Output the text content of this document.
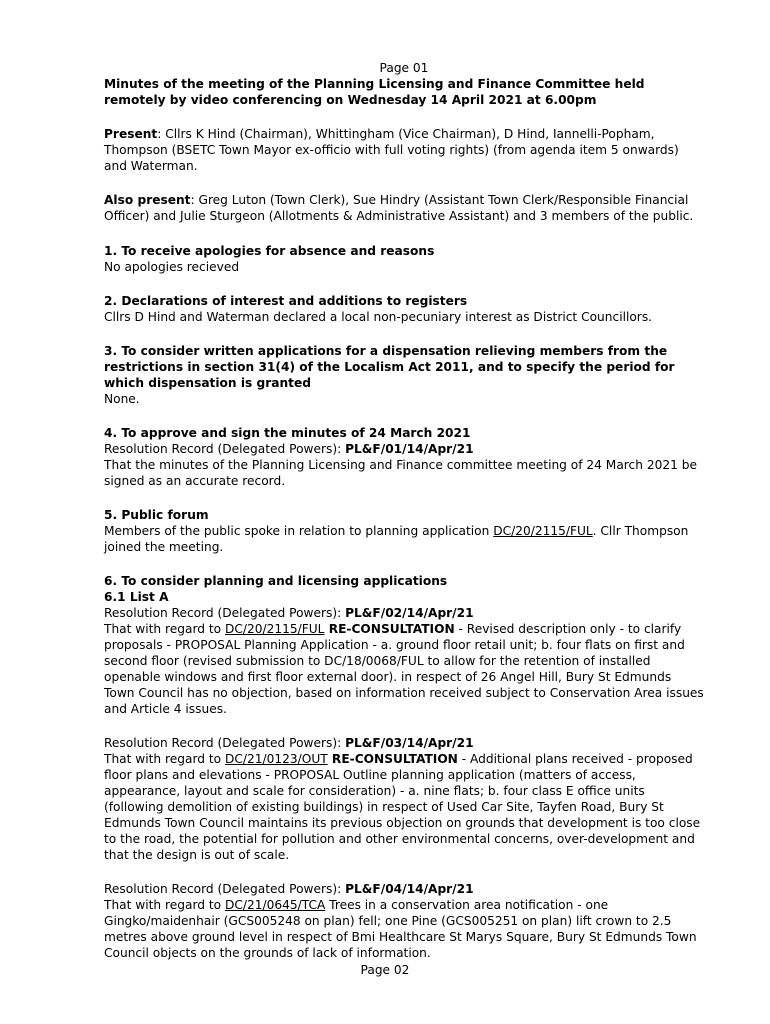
Page 01

Minutes of the meeting of the Planning Licensing and Finance Committee held remotely by video conferencing on Wednesday 14 April 2021 at 6.00pm

Present: Cllrs K Hind (Chairman), Whittingham (Vice Chairman), D Hind, Iannelli-Popham, Thompson (BSETC Town Mayor ex-officio with full voting rights) (from agenda item 5 onwards) and Waterman.

Also present: Greg Luton (Town Clerk), Sue Hindry (Assistant Town Clerk/Responsible Financial Officer) and Julie Sturgeon (Allotments & Administrative Assistant) and 3 members of the public.

1. To receive apologies for absence and reasons
No apologies recieved
2. Declarations of interest and additions to registers
Cllrs D Hind and Waterman declared a local non-pecuniary interest as District Councillors.
3. To consider written applications for a dispensation relieving members from the restrictions in section 31(4) of the Localism Act 2011, and to specify the period for which dispensation is granted
None.
4. To approve and sign the minutes of 24 March 2021
Resolution Record (Delegated Powers): PL&F/01/14/Apr/21
That the minutes of the Planning Licensing and Finance committee meeting of 24 March 2021 be signed as an accurate record.
5. Public forum
Members of the public spoke in relation to planning application DC/20/2115/FUL. Cllr Thompson joined the meeting.
6. To consider planning and licensing applications
6.1 List A
Resolution Record (Delegated Powers): PL&F/02/14/Apr/21
That with regard to DC/20/2115/FUL RE-CONSULTATION - Revised description only - to clarify proposals - PROPOSAL Planning Application - a. ground floor retail unit; b. four flats on first and second floor (revised submission to DC/18/0068/FUL to allow for the retention of installed openable windows and first floor external door). in respect of 26 Angel Hill, Bury St Edmunds Town Council has no objection, based on information received subject to Conservation Area issues and Article 4 issues.
Resolution Record (Delegated Powers): PL&F/03/14/Apr/21
That with regard to DC/21/0123/OUT RE-CONSULTATION - Additional plans received - proposed floor plans and elevations - PROPOSAL Outline planning application (matters of access, appearance, layout and scale for consideration) - a. nine flats; b. four class E office units (following demolition of existing buildings) in respect of Used Car Site, Tayfen Road, Bury St Edmunds Town Council maintains its previous objection on grounds that development is too close to the road, the potential for pollution and other environmental concerns, over-development and that the design is out of scale.
Resolution Record (Delegated Powers): PL&F/04/14/Apr/21
That with regard to DC/21/0645/TCA Trees in a conservation area notification - one Gingko/maidenhair (GCS005248 on plan) fell; one Pine (GCS005251 on plan) lift crown to 2.5 metres above ground level in respect of Bmi Healthcare St Marys Square, Bury St Edmunds Town Council objects on the grounds of lack of information.
Page 02
